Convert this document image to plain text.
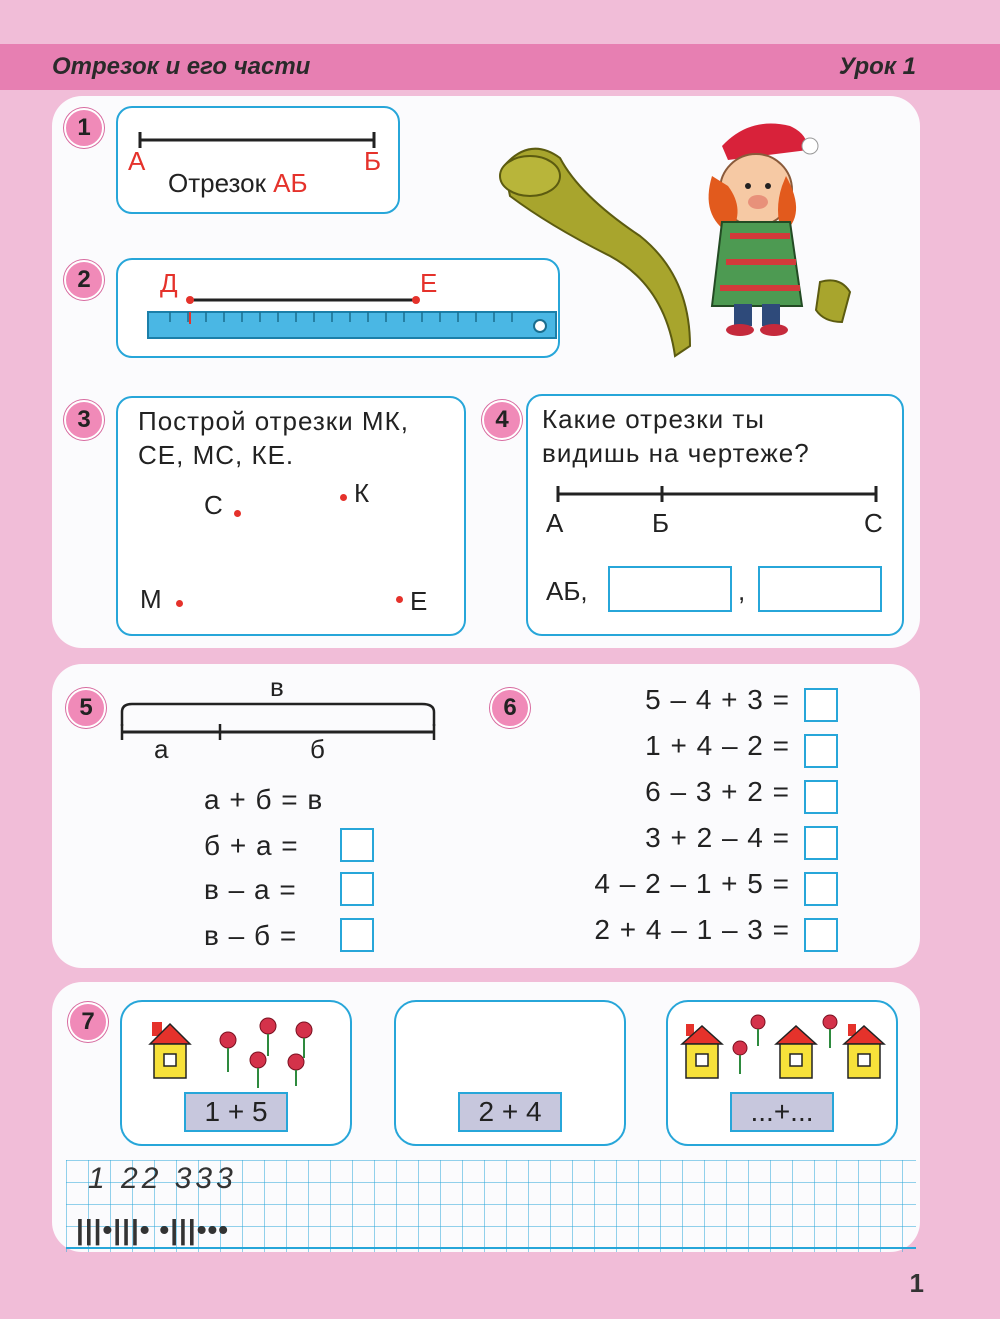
Отрезок и его части	Урок 1
1
А	Б
Отрезок АБ
2	Д	Е
3	Построй отрезки МК,
СЕ, МС, КЕ.
С	К
М	Е
4	Какие отрезки ты
видишь на чертеже?
А	Б	С
АБ,	,
5
в
а	б
а + б = в
б + а =
в – а =
в – б =
6	5 – 4 + 3 =
1 + 4 – 2 =
6 – 3 + 2 =
3 + 2 – 4 =
4 – 2 – 1 + 5 =
2 + 4 – 1 – 3 =
7
1 + 5	2 + 4	...+...
1 22 333
|||•|||• •|||•••
1
